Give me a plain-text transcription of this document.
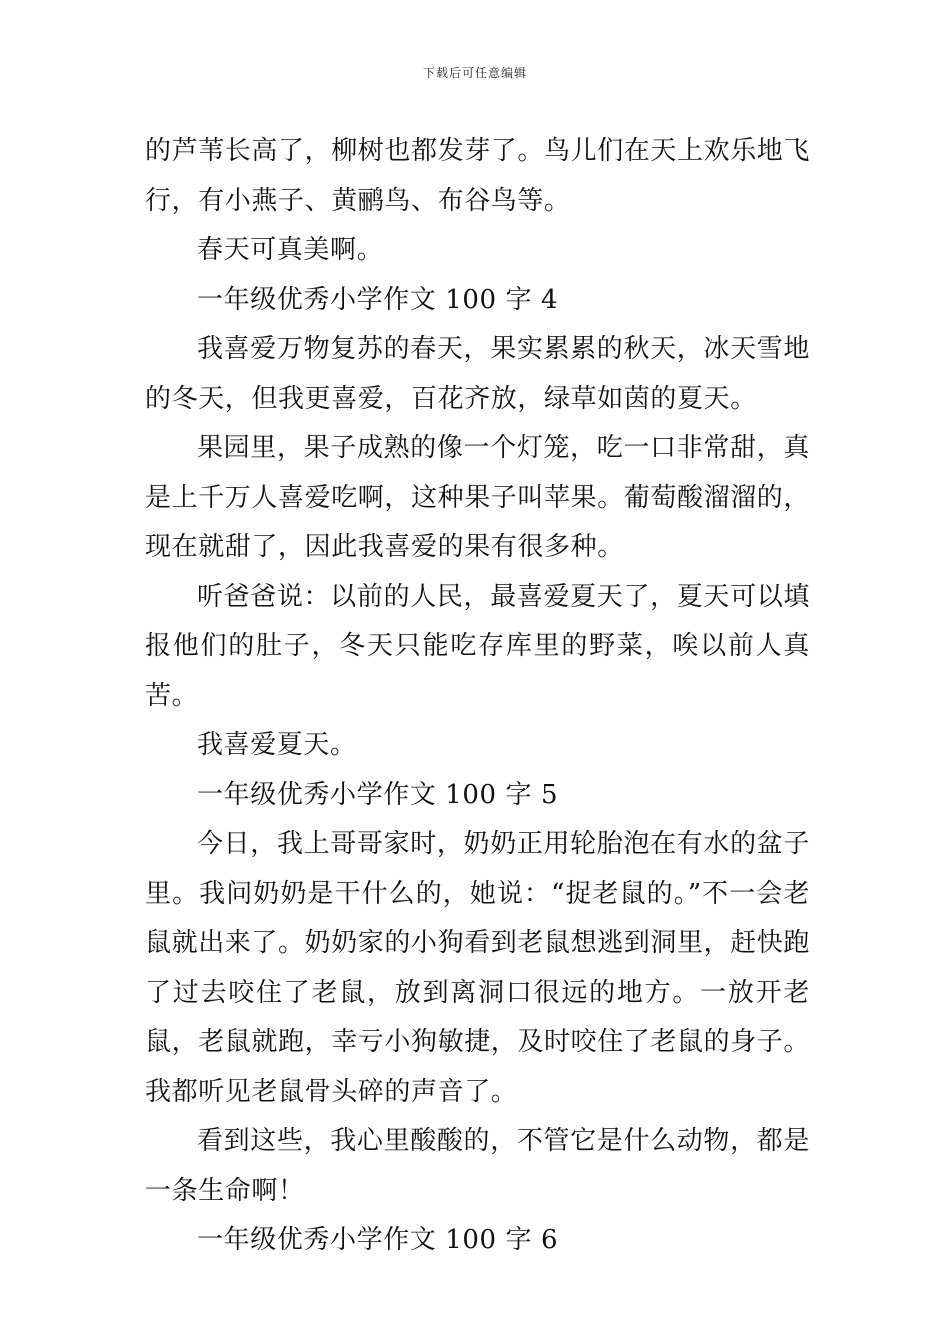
下载后可任意编辑

的芦苇长高了，柳树也都发芽了。鸟儿们在天上欢乐地飞行，有小燕子、黄鹂鸟、布谷鸟等。

春天可真美啊。

一年级优秀小学作文 100 字 4

我喜爱万物复苏的春天，果实累累的秋天，冰天雪地的冬天，但我更喜爱，百花齐放，绿草如茵的夏天。

果园里，果子成熟的像一个灯笼，吃一口非常甜，真是上千万人喜爱吃啊，这种果子叫苹果。葡萄酸溜溜的，现在就甜了，因此我喜爱的果有很多种。

听爸爸说：以前的人民，最喜爱夏天了，夏天可以填报他们的肚子，冬天只能吃存库里的野菜，唉以前人真苦。

我喜爱夏天。

一年级优秀小学作文 100 字 5

今日，我上哥哥家时，奶奶正用轮胎泡在有水的盆子里。我问奶奶是干什么的，她说：“捉老鼠的。”不一会老鼠就出来了。奶奶家的小狗看到老鼠想逃到洞里，赶快跑了过去咬住了老鼠，放到离洞口很远的地方。一放开老鼠，老鼠就跑，幸亏小狗敏捷，及时咬住了老鼠的身子。我都听见老鼠骨头碎的声音了。

看到这些，我心里酸酸的，不管它是什么动物，都是一条生命啊！

一年级优秀小学作文 100 字 6
